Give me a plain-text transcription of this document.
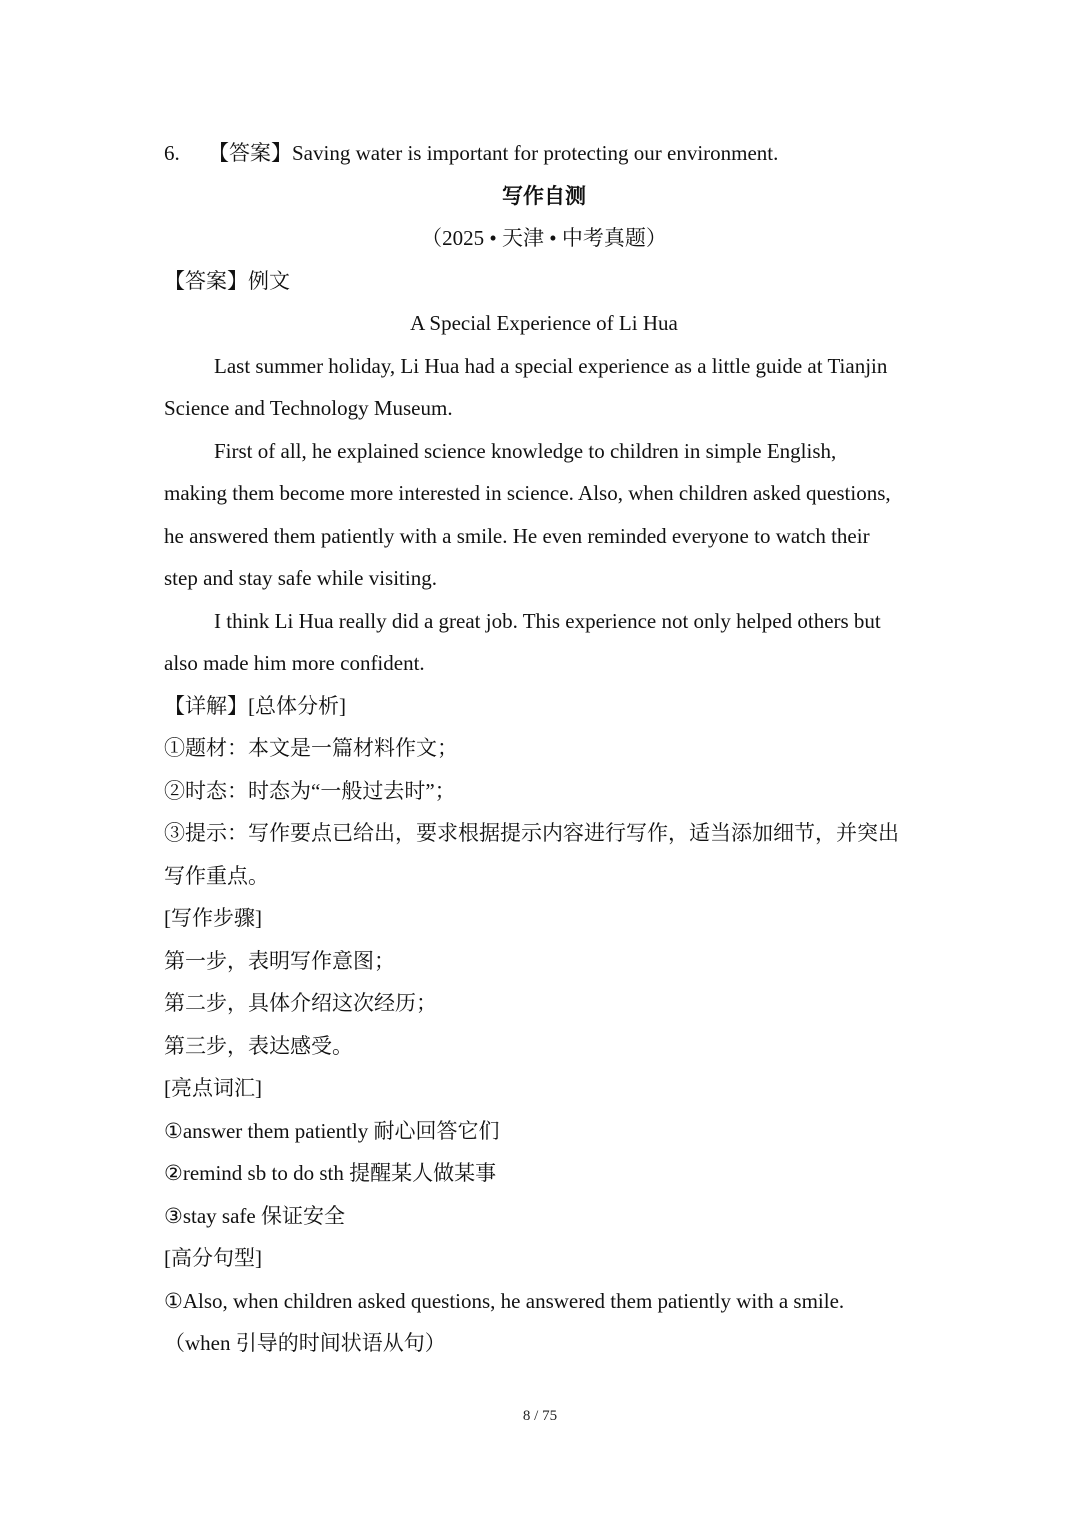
6. 【答案】Saving water is important for protecting our environment.
写作自测
（2025 • 天津 • 中考真题）
【答案】例文
A Special Experience of Li Hua
Last summer holiday, Li Hua had a special experience as a little guide at Tianjin
Science and Technology Museum.
First of all, he explained science knowledge to children in simple English,
making them become more interested in science. Also, when children asked questions,
he answered them patiently with a smile. He even reminded everyone to watch their
step and stay safe while visiting.
I think Li Hua really did a great job. This experience not only helped others but
also made him more confident.
【详解】[总体分析]
①题材：本文是一篇材料作文；
②时态：时态为“一般过去时”；
③提示：写作要点已给出，要求根据提示内容进行写作，适当添加细节，并突出
写作重点。
[写作步骤]
第一步，表明写作意图；
第二步，具体介绍这次经历；
第三步，表达感受。
[亮点词汇]
①answer them patiently 耐心回答它们
②remind sb to do sth 提醒某人做某事
③stay safe 保证安全
[高分句型]
①Also, when children asked questions, he answered them patiently with a smile.
（when 引导的时间状语从句）
8 / 75
